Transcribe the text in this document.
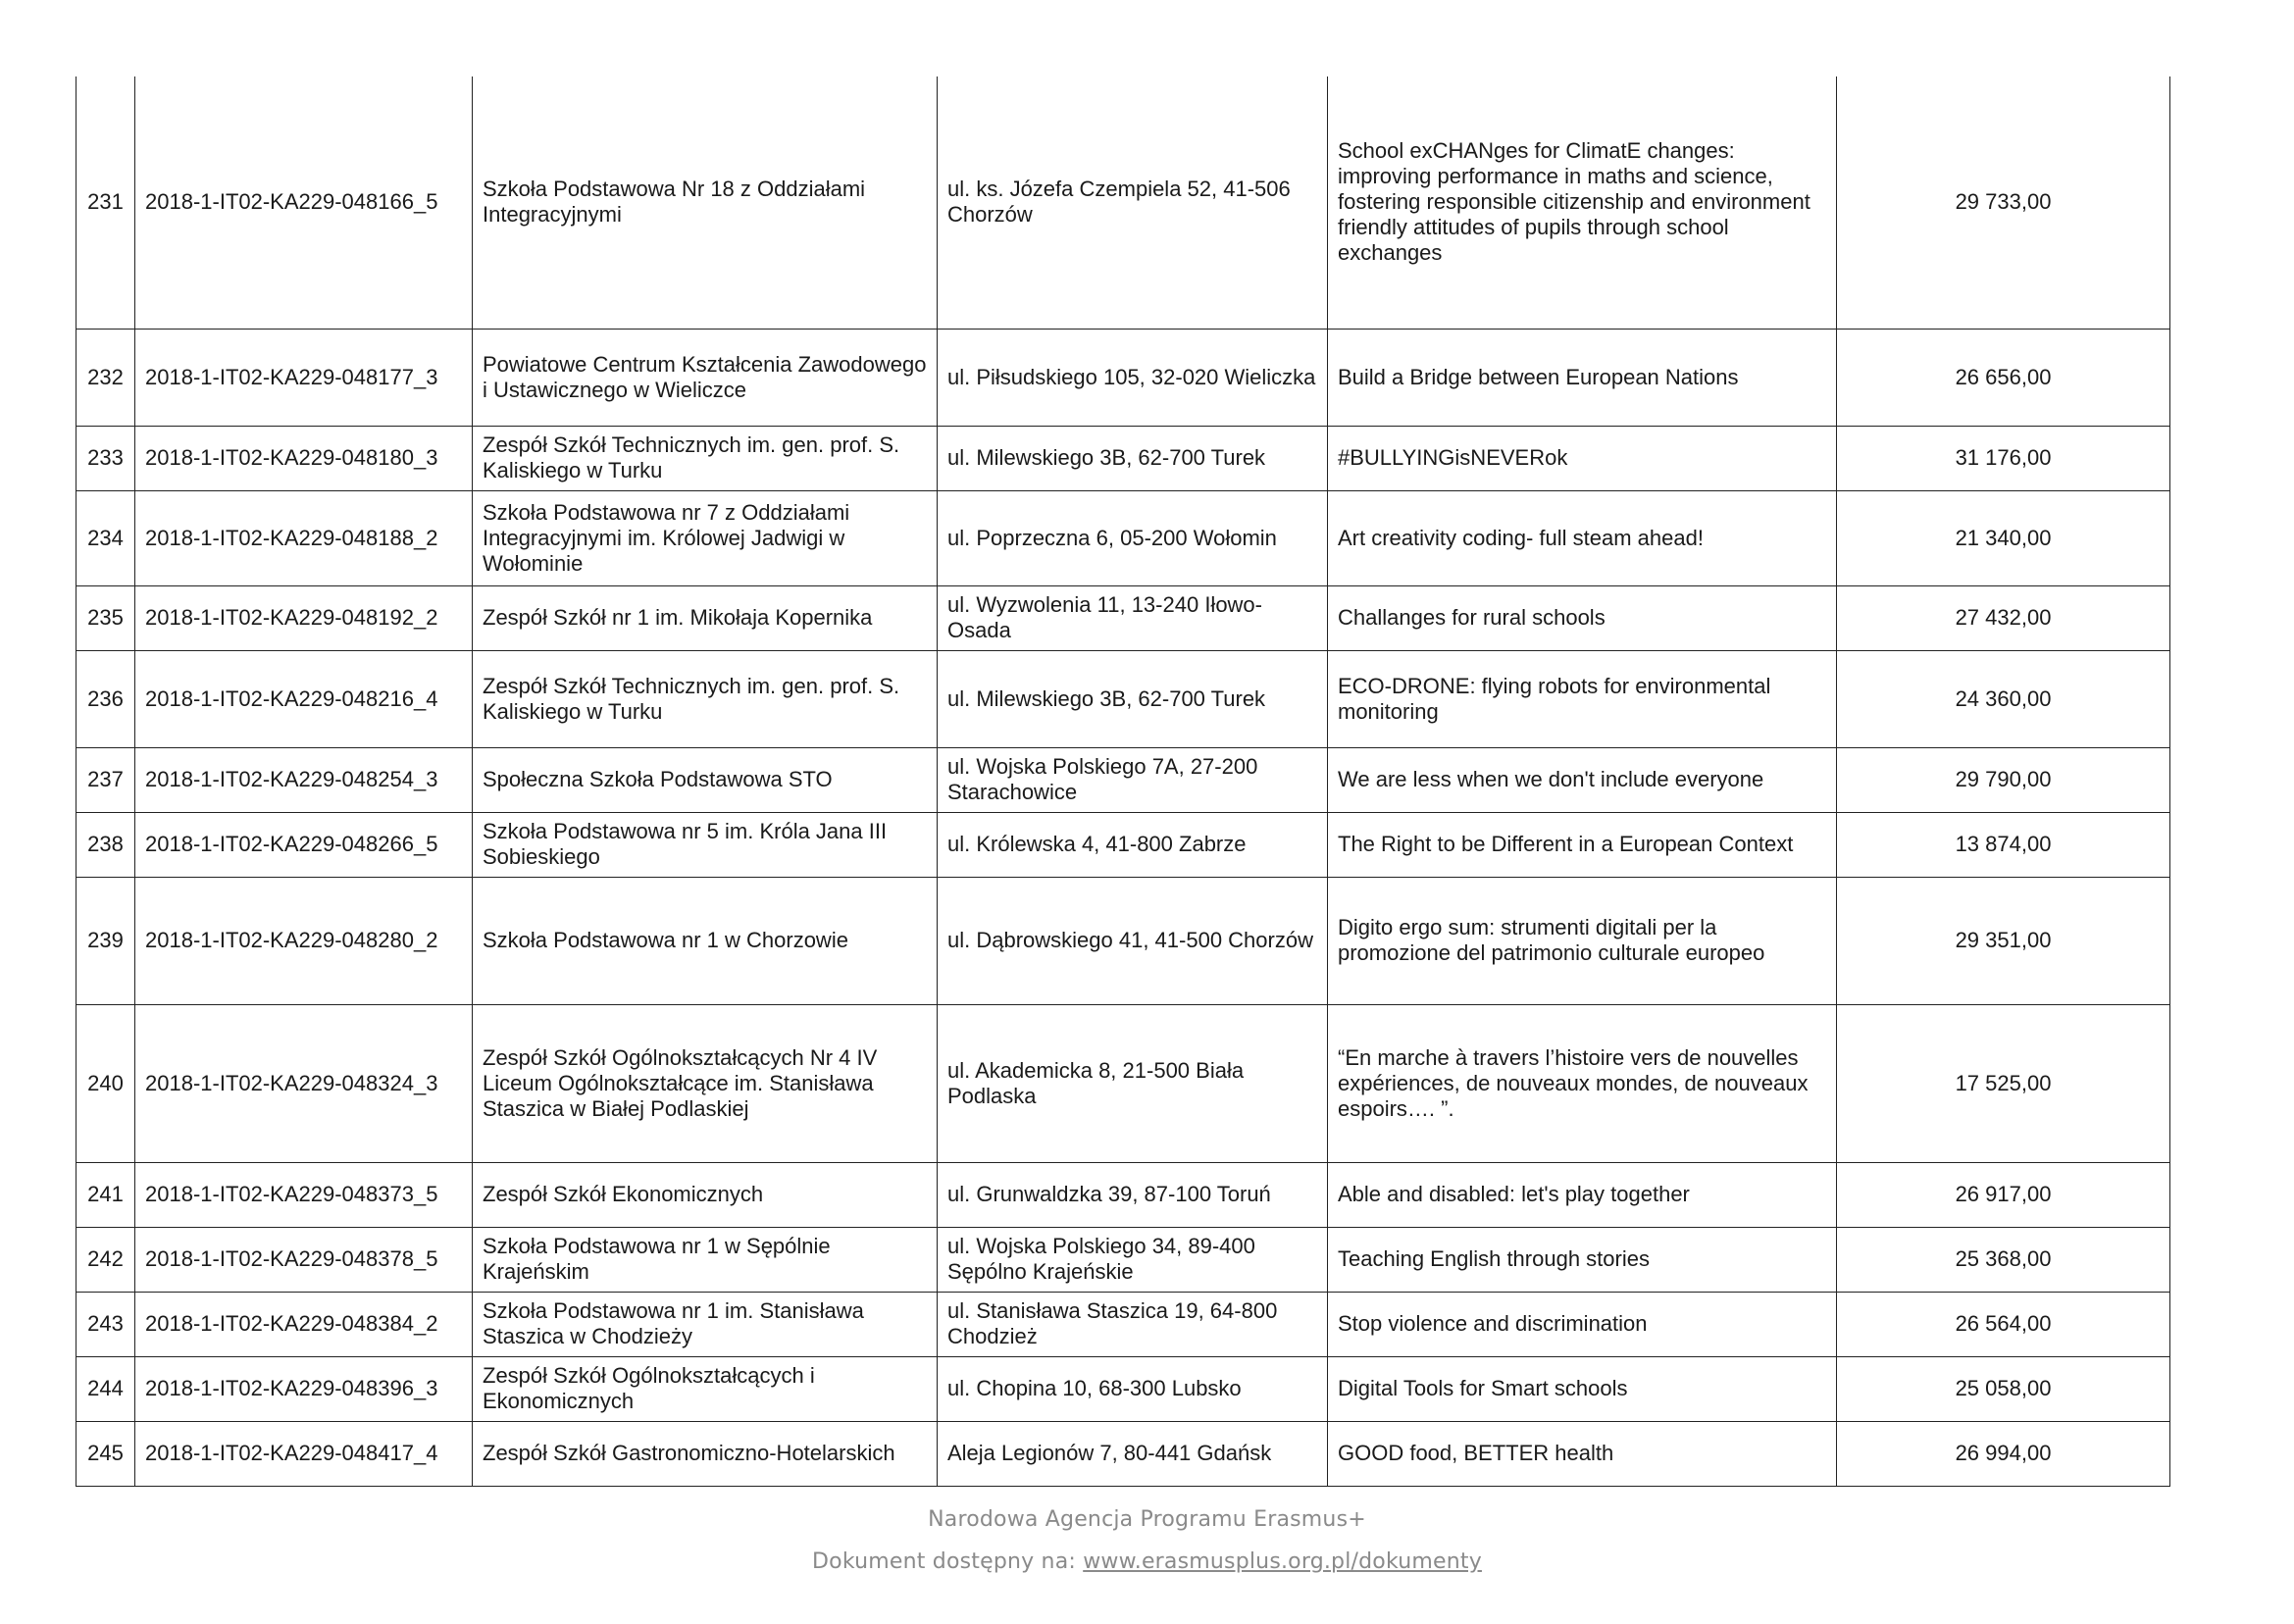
231	2018-1-IT02-KA229-048166_5	Szkoła Podstawowa Nr 18 z Oddziałami Integracyjnymi	ul. ks. Józefa Czempiela 52, 41-506 Chorzów	School exCHANges for ClimatE changes: improving performance in maths and science, fostering responsible citizenship and environment friendly attitudes of pupils through school exchanges	29 733,00
232	2018-1-IT02-KA229-048177_3	Powiatowe Centrum Kształcenia Zawodowego i Ustawicznego w Wieliczce	ul. Piłsudskiego 105, 32-020 Wieliczka	Build a Bridge between European Nations	26 656,00
233	2018-1-IT02-KA229-048180_3	Zespół Szkół Technicznych im. gen. prof. S. Kaliskiego w Turku	ul. Milewskiego 3B, 62-700 Turek	#BULLYINGisNEVERok	31 176,00
234	2018-1-IT02-KA229-048188_2	Szkoła Podstawowa nr 7 z Oddziałami Integracyjnymi im. Królowej Jadwigi w Wołominie	ul. Poprzeczna 6, 05-200 Wołomin	Art creativity coding- full steam ahead!	21 340,00
235	2018-1-IT02-KA229-048192_2	Zespół Szkół nr 1 im. Mikołaja Kopernika	ul. Wyzwolenia 11, 13-240 Iłowo-Osada	Challanges for rural schools	27 432,00
236	2018-1-IT02-KA229-048216_4	Zespół Szkół Technicznych im. gen. prof. S. Kaliskiego w Turku	ul. Milewskiego 3B, 62-700 Turek	ECO-DRONE: flying robots for environmental monitoring	24 360,00
237	2018-1-IT02-KA229-048254_3	Społeczna Szkoła Podstawowa STO	ul. Wojska Polskiego 7A, 27-200 Starachowice	We are less when we don't include everyone	29 790,00
238	2018-1-IT02-KA229-048266_5	Szkoła Podstawowa nr 5 im. Króla Jana III Sobieskiego	ul. Królewska 4, 41-800 Zabrze	The Right to be Different in a European Context	13 874,00
239	2018-1-IT02-KA229-048280_2	Szkoła Podstawowa nr 1 w Chorzowie	ul. Dąbrowskiego 41, 41-500 Chorzów	Digito ergo sum: strumenti digitali per la promozione del patrimonio culturale europeo	29 351,00
240	2018-1-IT02-KA229-048324_3	Zespół Szkół Ogólnokształcących Nr 4 IV Liceum Ogólnokształcące im. Stanisława Staszica w Białej Podlaskiej	ul. Akademicka 8, 21-500 Biała Podlaska	“En marche à travers l’histoire vers de nouvelles expériences, de nouveaux mondes, de nouveaux espoirs…. ”.	17 525,00
241	2018-1-IT02-KA229-048373_5	Zespół Szkół Ekonomicznych	ul. Grunwaldzka 39, 87-100 Toruń	Able and disabled: let's play together	26 917,00
242	2018-1-IT02-KA229-048378_5	Szkoła Podstawowa nr 1 w Sępólnie Krajeńskim	ul. Wojska Polskiego 34, 89-400 Sępólno Krajeńskie	Teaching English through stories	25 368,00
243	2018-1-IT02-KA229-048384_2	Szkoła Podstawowa nr 1 im. Stanisława Staszica w Chodzieży	ul. Stanisława Staszica 19, 64-800 Chodzież	Stop violence and discrimination	26 564,00
244	2018-1-IT02-KA229-048396_3	Zespół Szkół Ogólnokształcących i Ekonomicznych	ul. Chopina 10, 68-300 Lubsko	Digital Tools for Smart schools	25 058,00
245	2018-1-IT02-KA229-048417_4	Zespół Szkół Gastronomiczno-Hotelarskich	Aleja Legionów 7, 80-441 Gdańsk	GOOD food, BETTER health	26 994,00
Narodowa Agencja Programu Erasmus+
Dokument dostępny na: www.erasmusplus.org.pl/dokumenty
